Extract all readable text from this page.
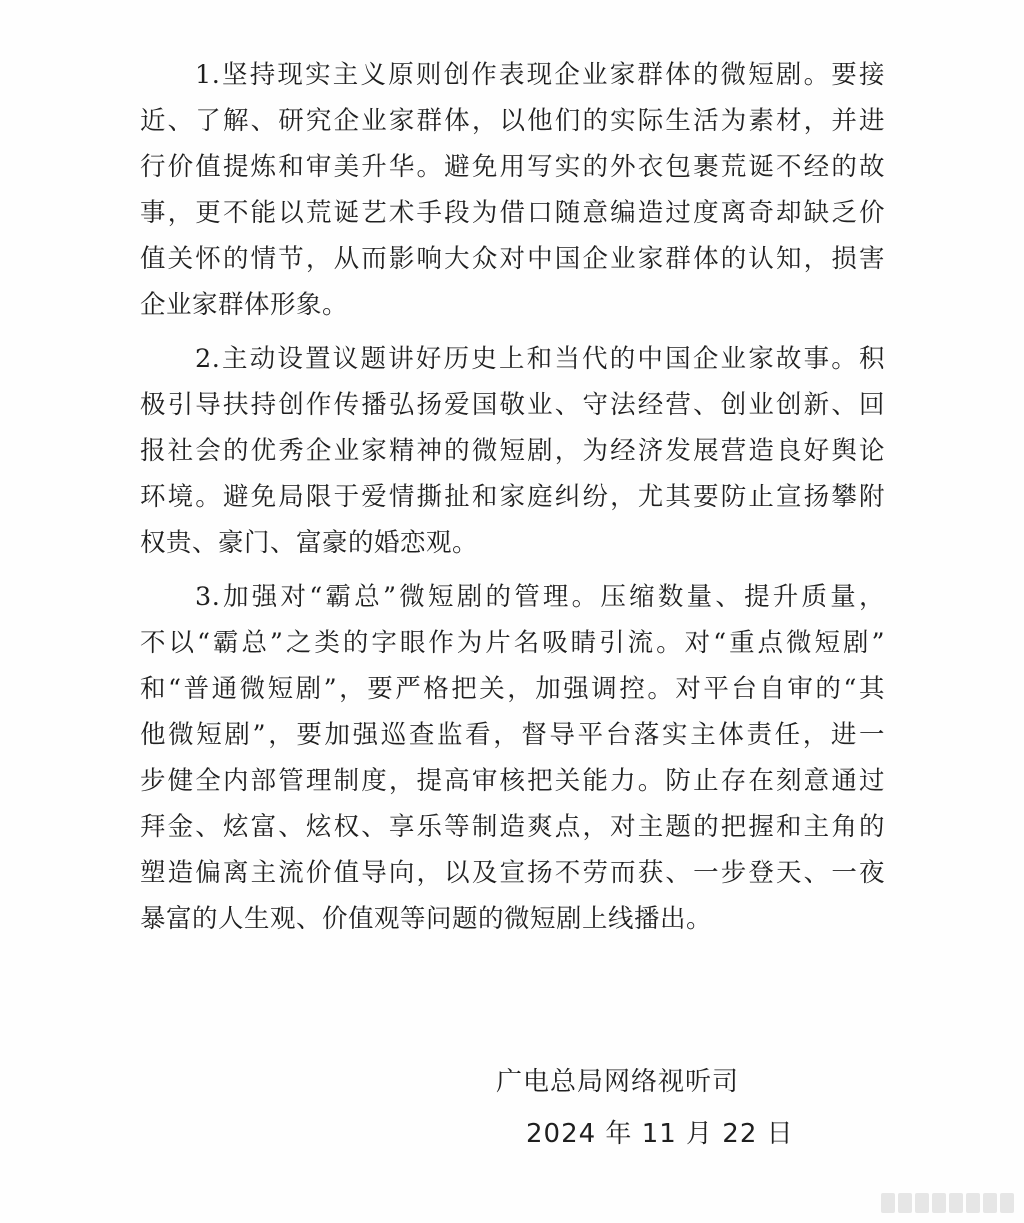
1.坚持现实主义原则创作表现企业家群体的微短剧。要接
近、了解、研究企业家群体，以他们的实际生活为素材，并进
行价值提炼和审美升华。避免用写实的外衣包裹荒诞不经的故
事，更不能以荒诞艺术手段为借口随意编造过度离奇却缺乏价
值关怀的情节，从而影响大众对中国企业家群体的认知，损害
企业家群体形象。
2.主动设置议题讲好历史上和当代的中国企业家故事。积
极引导扶持创作传播弘扬爱国敬业、守法经营、创业创新、回
报社会的优秀企业家精神的微短剧，为经济发展营造良好舆论
环境。避免局限于爱情撕扯和家庭纠纷，尤其要防止宣扬攀附
权贵、豪门、富豪的婚恋观。
3.加强对“霸总”微短剧的管理。压缩数量、提升质量，
不以“霸总”之类的字眼作为片名吸睛引流。对“重点微短剧”
和“普通微短剧”，要严格把关，加强调控。对平台自审的“其
他微短剧”，要加强巡查监看，督导平台落实主体责任，进一
步健全内部管理制度，提高审核把关能力。防止存在刻意通过
拜金、炫富、炫权、享乐等制造爽点，对主题的把握和主角的
塑造偏离主流价值导向，以及宣扬不劳而获、一步登天、一夜
暴富的人生观、价值观等问题的微短剧上线播出。
广电总局网络视听司
2024 年 11 月 22 日
